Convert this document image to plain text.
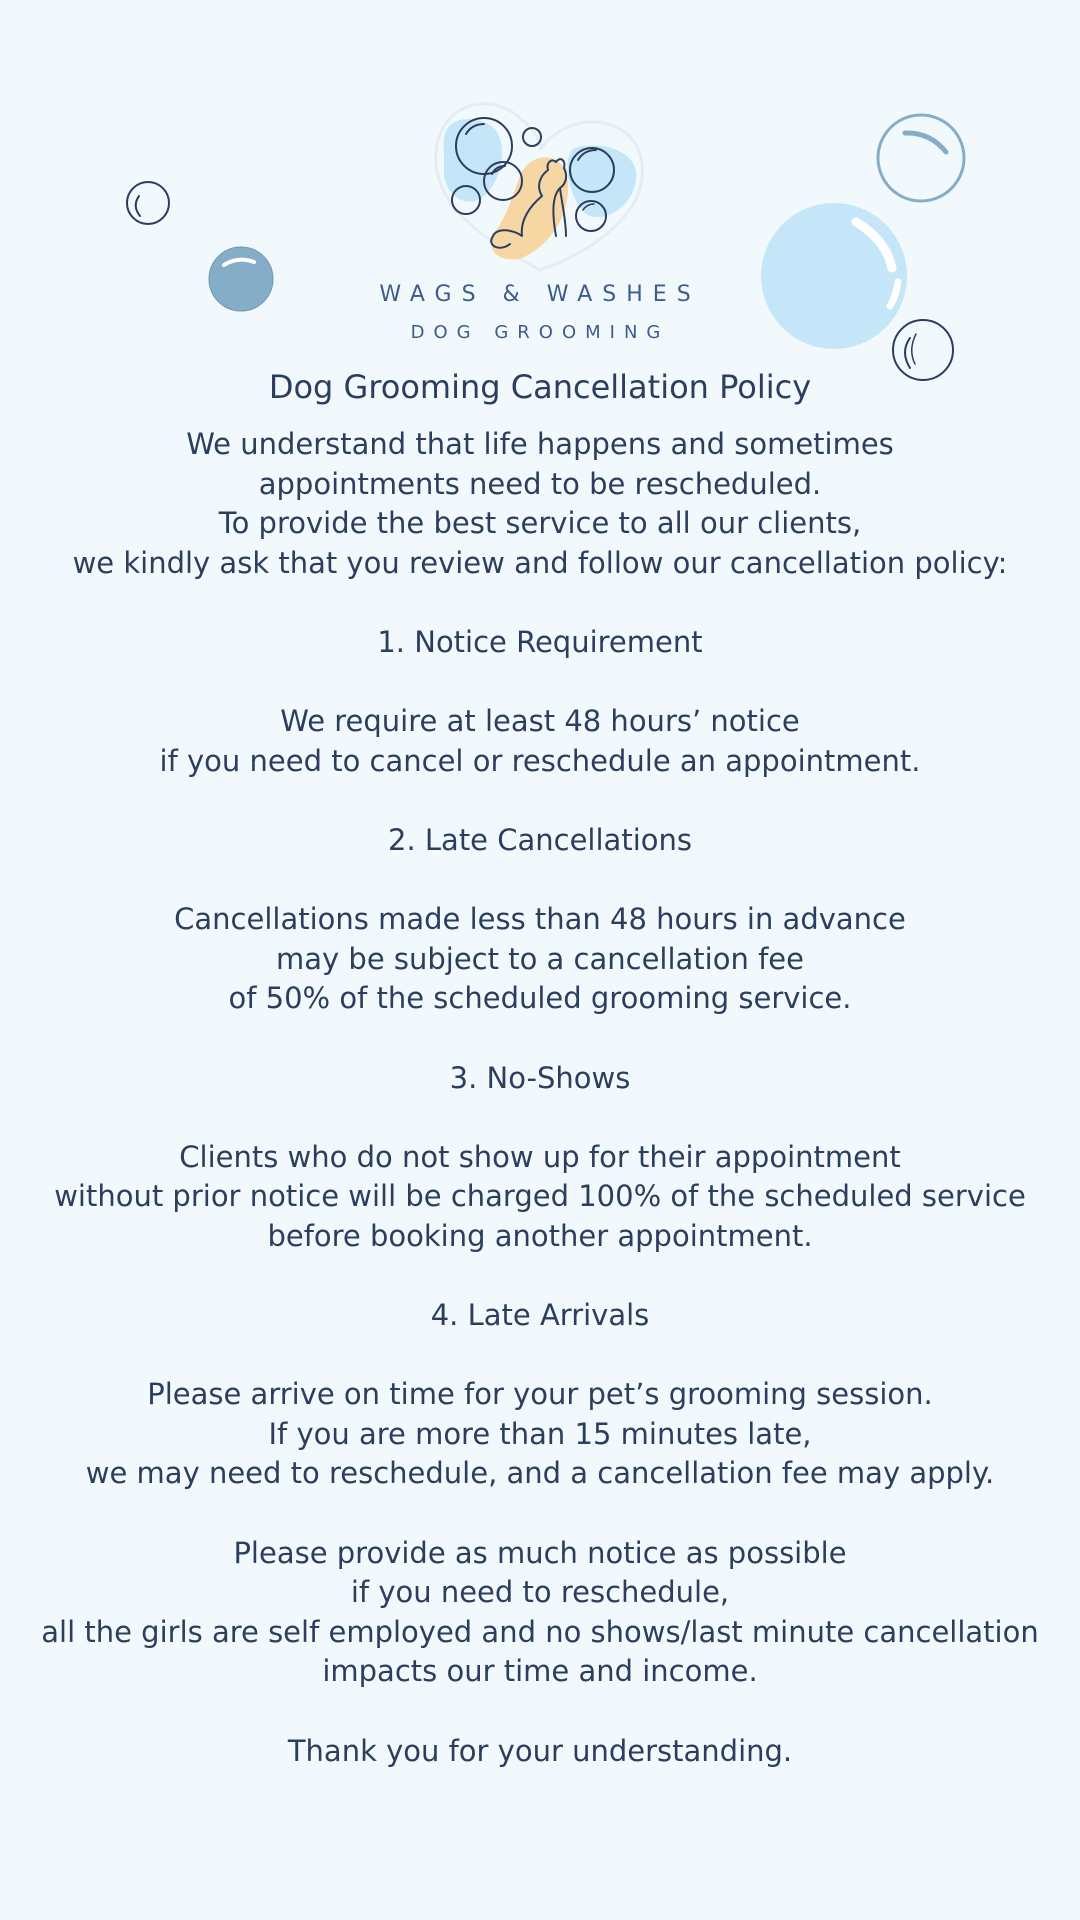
WAGS & WASHES
DOG GROOMING
Dog Grooming Cancellation Policy
We understand that life happens and sometimes
appointments need to be rescheduled.
To provide the best service to all our clients,
we kindly ask that you review and follow our cancellation policy:
1. Notice Requirement
We require at least 48 hours’ notice
if you need to cancel or reschedule an appointment.
2. Late Cancellations
Cancellations made less than 48 hours in advance
may be subject to a cancellation fee
of 50% of the scheduled grooming service.
3. No-Shows
Clients who do not show up for their appointment
without prior notice will be charged 100% of the scheduled service
before booking another appointment.
4. Late Arrivals
Please arrive on time for your pet’s grooming session.
If you are more than 15 minutes late,
we may need to reschedule, and a cancellation fee may apply.
Please provide as much notice as possible
if you need to reschedule,
all the girls are self employed and no shows/last minute cancellation
impacts our time and income.
Thank you for your understanding.
